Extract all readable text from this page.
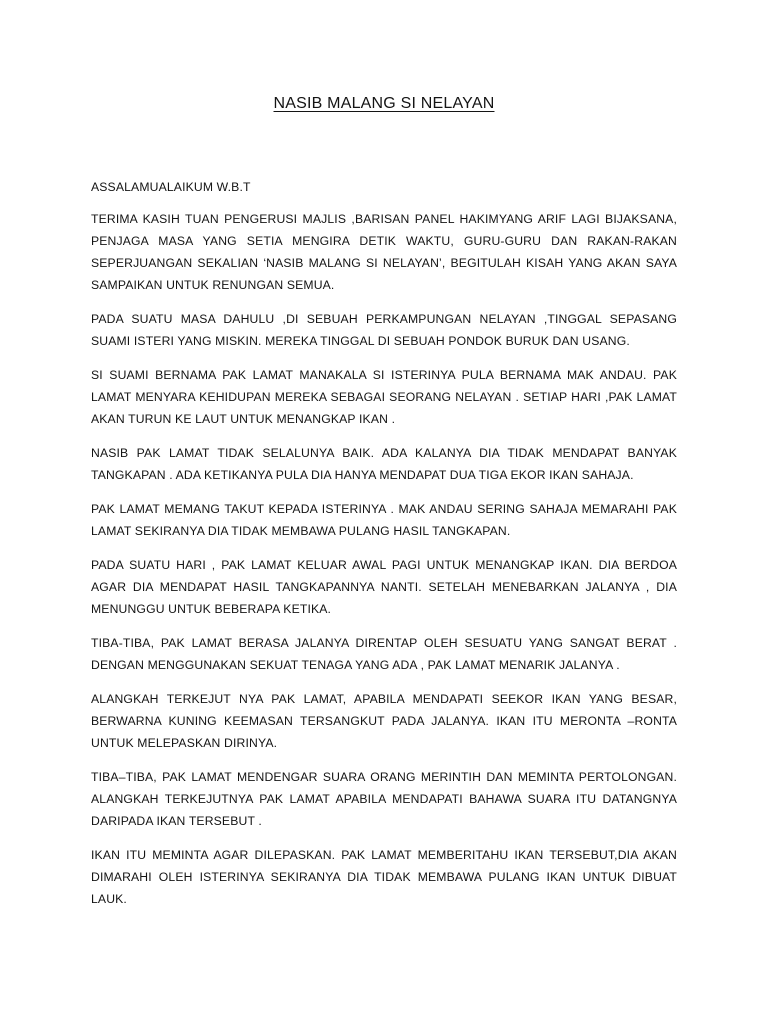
NASIB MALANG SI NELAYAN

ASSALAMUALAIKUM W.B.T

TERIMA KASIH TUAN PENGERUSI MAJLIS ,BARISAN PANEL HAKIMYANG ARIF LAGI BIJAKSANA, PENJAGA MASA YANG SETIA MENGIRA DETIK WAKTU, GURU-GURU DAN RAKAN-RAKAN SEPERJUANGAN SEKALIAN ‘NASIB MALANG SI NELAYAN’, BEGITULAH KISAH YANG AKAN SAYA SAMPAIKAN UNTUK RENUNGAN SEMUA.

PADA SUATU MASA DAHULU ,DI SEBUAH PERKAMPUNGAN NELAYAN ,TINGGAL SEPASANG SUAMI ISTERI YANG MISKIN. MEREKA TINGGAL DI SEBUAH PONDOK BURUK DAN USANG.

SI SUAMI BERNAMA PAK LAMAT MANAKALA SI ISTERINYA PULA BERNAMA MAK ANDAU. PAK LAMAT MENYARA KEHIDUPAN MEREKA SEBAGAI SEORANG NELAYAN . SETIAP HARI ,PAK LAMAT AKAN TURUN KE LAUT UNTUK MENANGKAP IKAN .

NASIB PAK LAMAT TIDAK SELALUNYA BAIK. ADA KALANYA DIA TIDAK MENDAPAT BANYAK TANGKAPAN . ADA KETIKANYA PULA DIA HANYA MENDAPAT DUA TIGA EKOR IKAN SAHAJA.

PAK LAMAT MEMANG TAKUT KEPADA ISTERINYA . MAK ANDAU SERING SAHAJA MEMARAHI PAK LAMAT SEKIRANYA DIA TIDAK MEMBAWA PULANG HASIL TANGKAPAN.

PADA SUATU HARI , PAK LAMAT KELUAR AWAL PAGI UNTUK MENANGKAP IKAN. DIA BERDOA AGAR DIA MENDAPAT HASIL TANGKAPANNYA NANTI. SETELAH MENEBARKAN JALANYA , DIA MENUNGGU UNTUK BEBERAPA KETIKA.

TIBA-TIBA, PAK LAMAT BERASA JALANYA DIRENTAP OLEH SESUATU YANG SANGAT BERAT . DENGAN MENGGUNAKAN SEKUAT TENAGA YANG ADA , PAK LAMAT MENARIK JALANYA .

ALANGKAH TERKEJUT NYA PAK LAMAT, APABILA MENDAPATI SEEKOR IKAN YANG BESAR, BERWARNA KUNING KEEMASAN TERSANGKUT PADA JALANYA. IKAN ITU MERONTA –RONTA UNTUK MELEPASKAN DIRINYA.

TIBA–TIBA, PAK LAMAT MENDENGAR SUARA ORANG MERINTIH DAN MEMINTA PERTOLONGAN. ALANGKAH TERKEJUTNYA PAK LAMAT APABILA MENDAPATI BAHAWA SUARA ITU DATANGNYA DARIPADA IKAN TERSEBUT .

IKAN ITU MEMINTA AGAR DILEPASKAN. PAK LAMAT MEMBERITAHU IKAN TERSEBUT,DIA AKAN DIMARAHI OLEH ISTERINYA SEKIRANYA DIA TIDAK MEMBAWA PULANG IKAN UNTUK DIBUAT LAUK.
